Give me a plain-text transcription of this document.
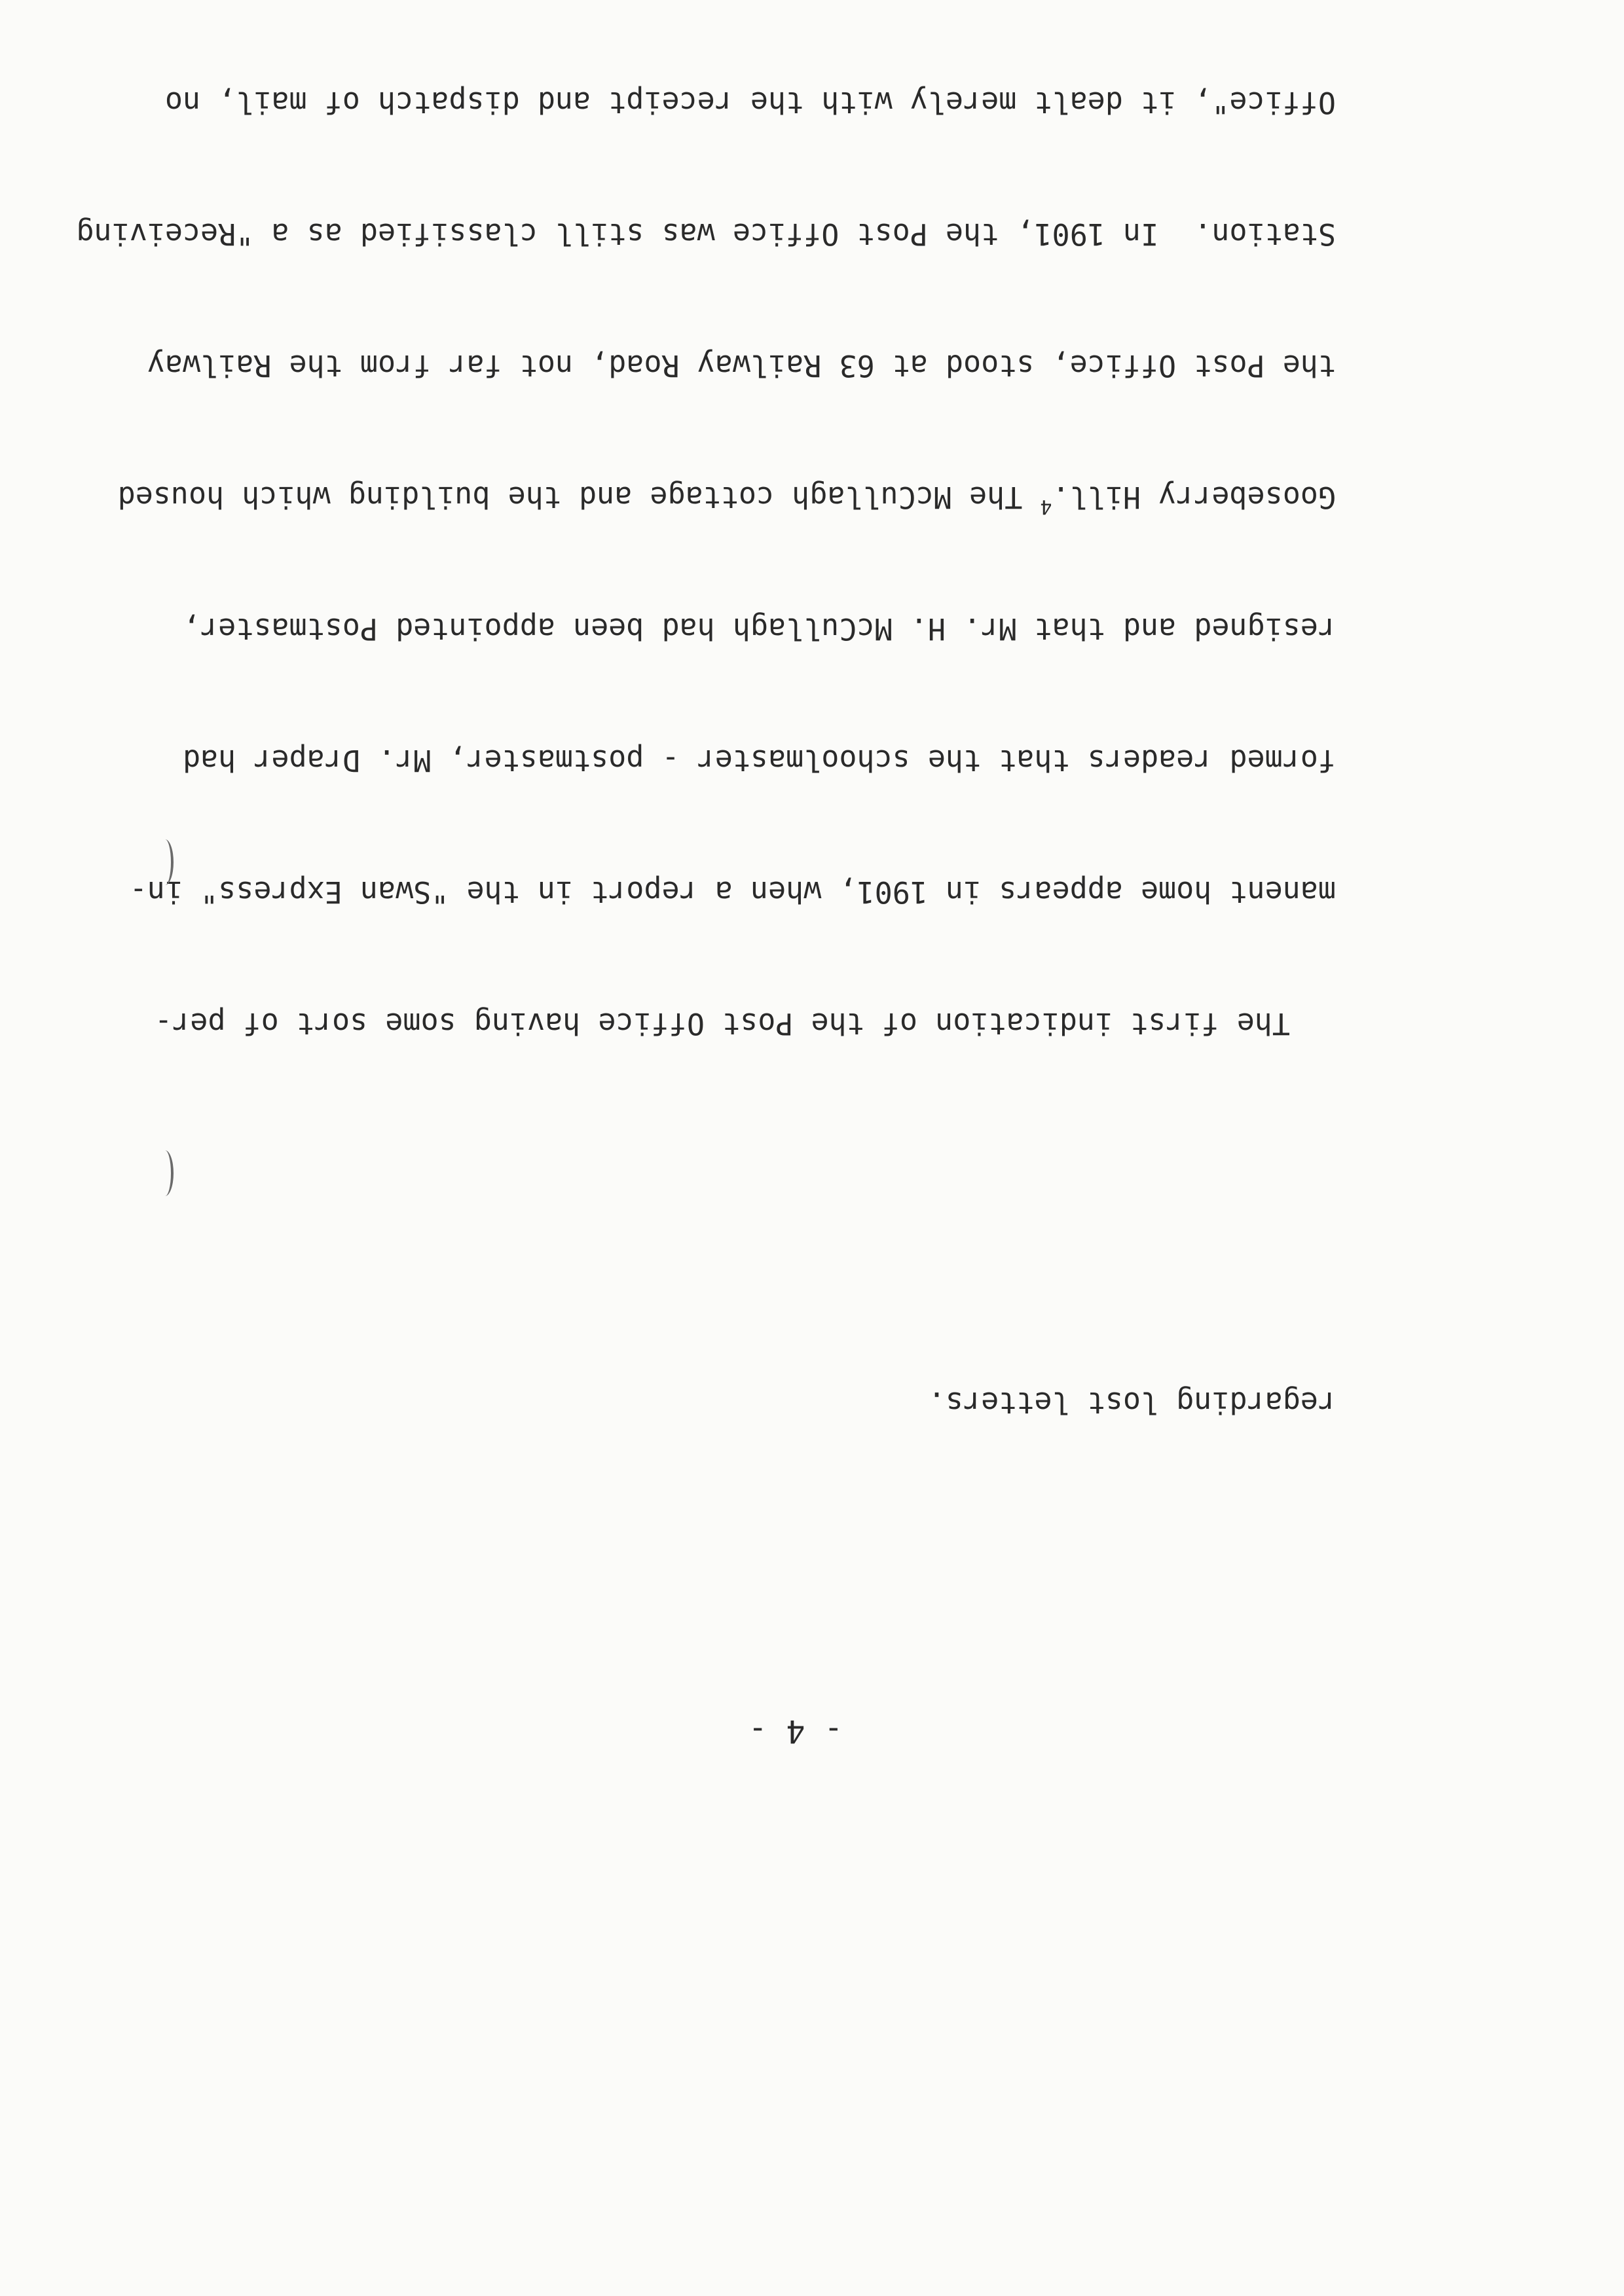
regarding lost letters.

The first indication of the Post Office having some sort of per-

manent home appears in 1901, when a report in the "Swan Express" in-

formed readers that the schoolmaster - postmaster, Mr. Draper had

resigned and that Mr. H. McCullagh had been appointed Postmaster,

Gooseberry Hill.$^4$ The McCullagh cottage and the building which housed

the Post Office, stood at 63 Railway Road, not far from the Railway

Station.  In 1901, the Post Office was still classified as a "Receiving

Office", it dealt merely with the receipt and dispatch of mail, no

- 4 -
